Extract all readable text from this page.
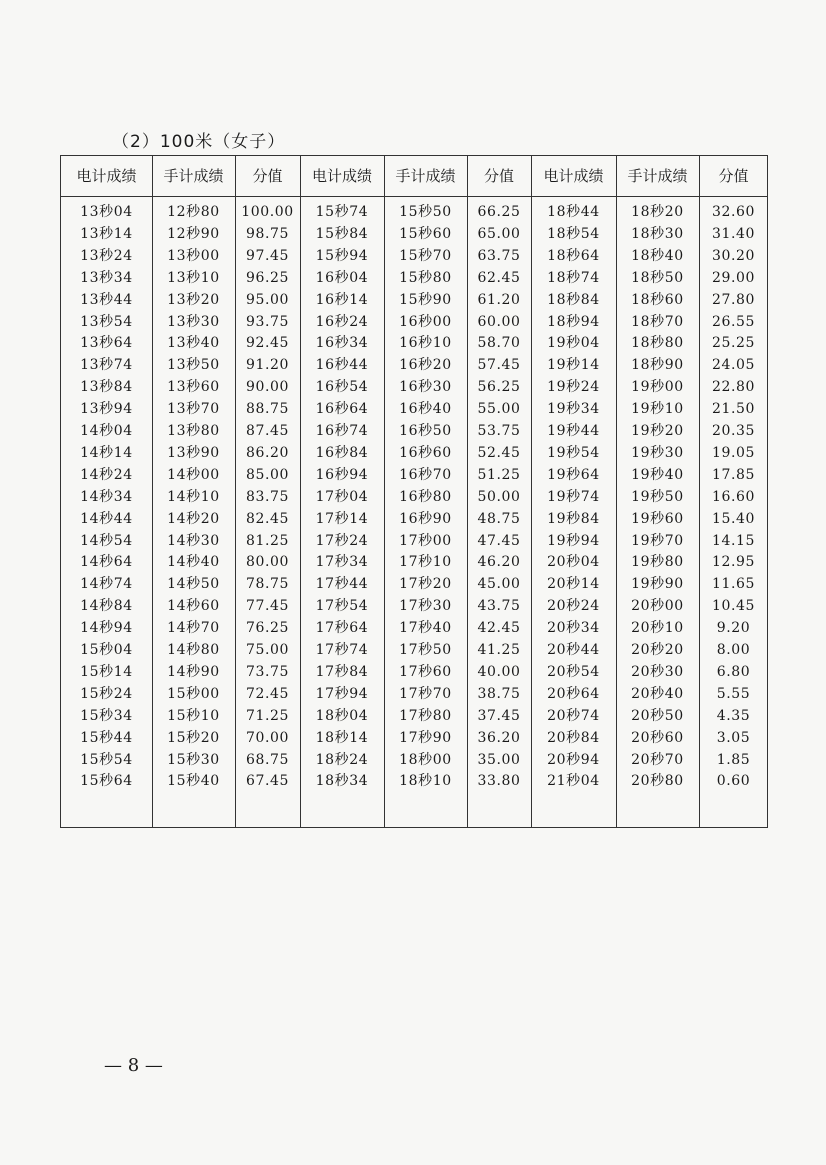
（2）100米（女子）
电计成绩	手计成绩	分值	电计成绩	手计成绩	分值	电计成绩	手计成绩	分值
13秒04	12秒80	100.00	15秒74	15秒50	66.25	18秒44	18秒20	32.60
13秒14	12秒90	98.75	15秒84	15秒60	65.00	18秒54	18秒30	31.40
13秒24	13秒00	97.45	15秒94	15秒70	63.75	18秒64	18秒40	30.20
13秒34	13秒10	96.25	16秒04	15秒80	62.45	18秒74	18秒50	29.00
13秒44	13秒20	95.00	16秒14	15秒90	61.20	18秒84	18秒60	27.80
13秒54	13秒30	93.75	16秒24	16秒00	60.00	18秒94	18秒70	26.55
13秒64	13秒40	92.45	16秒34	16秒10	58.70	19秒04	18秒80	25.25
13秒74	13秒50	91.20	16秒44	16秒20	57.45	19秒14	18秒90	24.05
13秒84	13秒60	90.00	16秒54	16秒30	56.25	19秒24	19秒00	22.80
13秒94	13秒70	88.75	16秒64	16秒40	55.00	19秒34	19秒10	21.50
14秒04	13秒80	87.45	16秒74	16秒50	53.75	19秒44	19秒20	20.35
14秒14	13秒90	86.20	16秒84	16秒60	52.45	19秒54	19秒30	19.05
14秒24	14秒00	85.00	16秒94	16秒70	51.25	19秒64	19秒40	17.85
14秒34	14秒10	83.75	17秒04	16秒80	50.00	19秒74	19秒50	16.60
14秒44	14秒20	82.45	17秒14	16秒90	48.75	19秒84	19秒60	15.40
14秒54	14秒30	81.25	17秒24	17秒00	47.45	19秒94	19秒70	14.15
14秒64	14秒40	80.00	17秒34	17秒10	46.20	20秒04	19秒80	12.95
14秒74	14秒50	78.75	17秒44	17秒20	45.00	20秒14	19秒90	11.65
14秒84	14秒60	77.45	17秒54	17秒30	43.75	20秒24	20秒00	10.45
14秒94	14秒70	76.25	17秒64	17秒40	42.45	20秒34	20秒10	9.20
15秒04	14秒80	75.00	17秒74	17秒50	41.25	20秒44	20秒20	8.00
15秒14	14秒90	73.75	17秒84	17秒60	40.00	20秒54	20秒30	6.80
15秒24	15秒00	72.45	17秒94	17秒70	38.75	20秒64	20秒40	5.55
15秒34	15秒10	71.25	18秒04	17秒80	37.45	20秒74	20秒50	4.35
15秒44	15秒20	70.00	18秒14	17秒90	36.20	20秒84	20秒60	3.05
15秒54	15秒30	68.75	18秒24	18秒00	35.00	20秒94	20秒70	1.85
15秒64	15秒40	67.45	18秒34	18秒10	33.80	21秒04	20秒80	0.60
— 8 —
